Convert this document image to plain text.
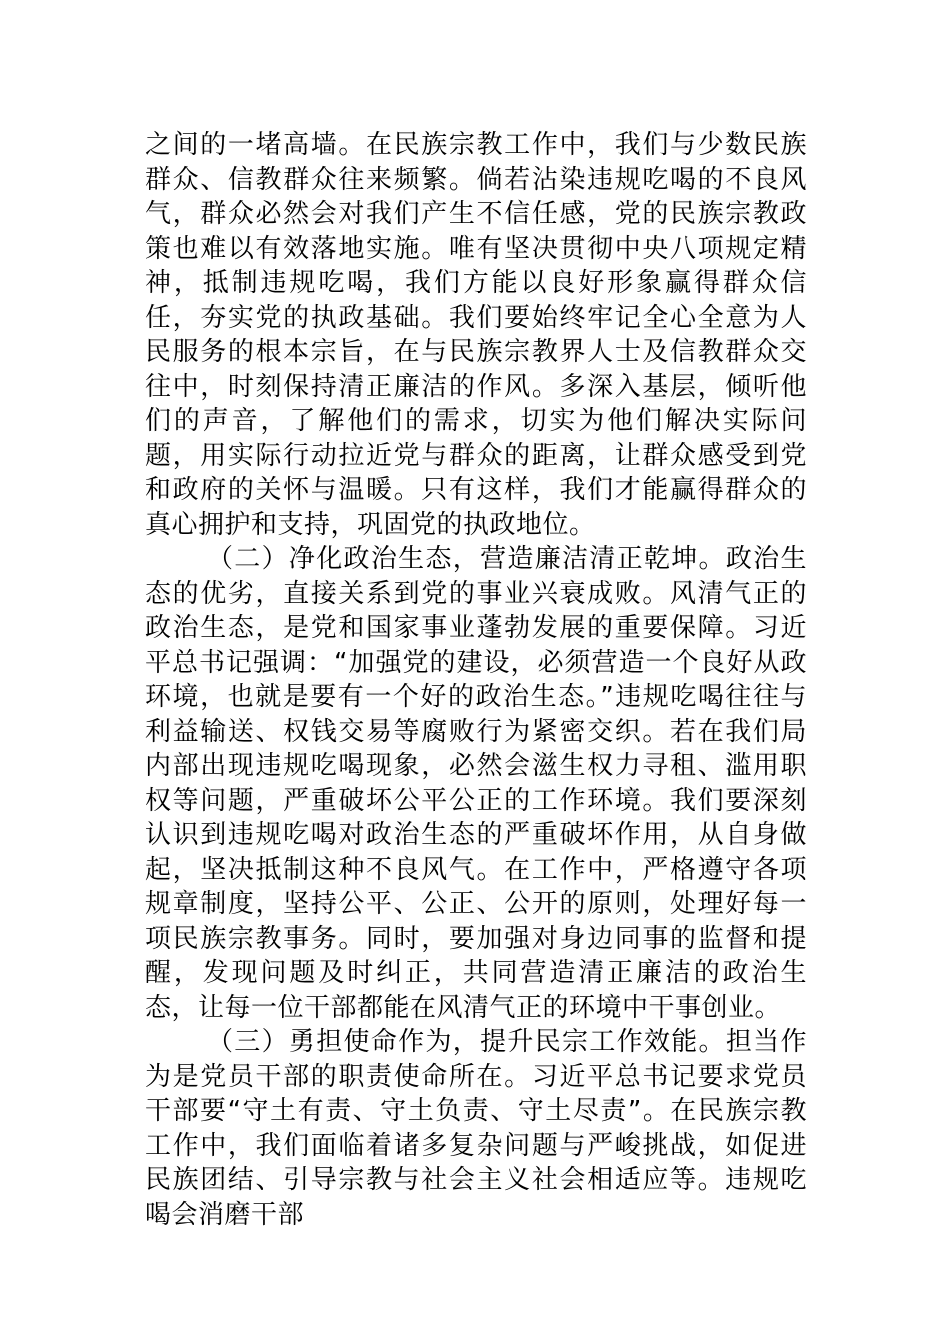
之间的一堵高墙。在民族宗教工作中，我们与少数民族群众、信教群众往来频繁。倘若沾染违规吃喝的不良风气，群众必然会对我们产生不信任感，党的民族宗教政策也难以有效落地实施。唯有坚决贯彻中央八项规定精神，抵制违规吃喝，我们方能以良好形象赢得群众信任，夯实党的执政基础。我们要始终牢记全心全意为人民服务的根本宗旨，在与民族宗教界人士及信教群众交往中，时刻保持清正廉洁的作风。多深入基层，倾听他们的声音，了解他们的需求，切实为他们解决实际问题，用实际行动拉近党与群众的距离，让群众感受到党和政府的关怀与温暖。只有这样，我们才能赢得群众的真心拥护和支持，巩固党的执政地位。

（二）净化政治生态，营造廉洁清正乾坤。政治生态的优劣，直接关系到党的事业兴衰成败。风清气正的政治生态，是党和国家事业蓬勃发展的重要保障。习近平总书记强调：“加强党的建设，必须营造一个良好从政环境，也就是要有一个好的政治生态。”违规吃喝往往与利益输送、权钱交易等腐败行为紧密交织。若在我们局内部出现违规吃喝现象，必然会滋生权力寻租、滥用职权等问题，严重破坏公平公正的工作环境。我们要深刻认识到违规吃喝对政治生态的严重破坏作用，从自身做起，坚决抵制这种不良风气。在工作中，严格遵守各项规章制度，坚持公平、公正、公开的原则，处理好每一项民族宗教事务。同时，要加强对身边同事的监督和提醒，发现问题及时纠正，共同营造清正廉洁的政治生态，让每一位干部都能在风清气正的环境中干事创业。

（三）勇担使命作为，提升民宗工作效能。担当作为是党员干部的职责使命所在。习近平总书记要求党员干部要“守土有责、守土负责、守土尽责”。在民族宗教工作中，我们面临着诸多复杂问题与严峻挑战，如促进民族团结、引导宗教与社会主义社会相适应等。违规吃喝会消磨干部
